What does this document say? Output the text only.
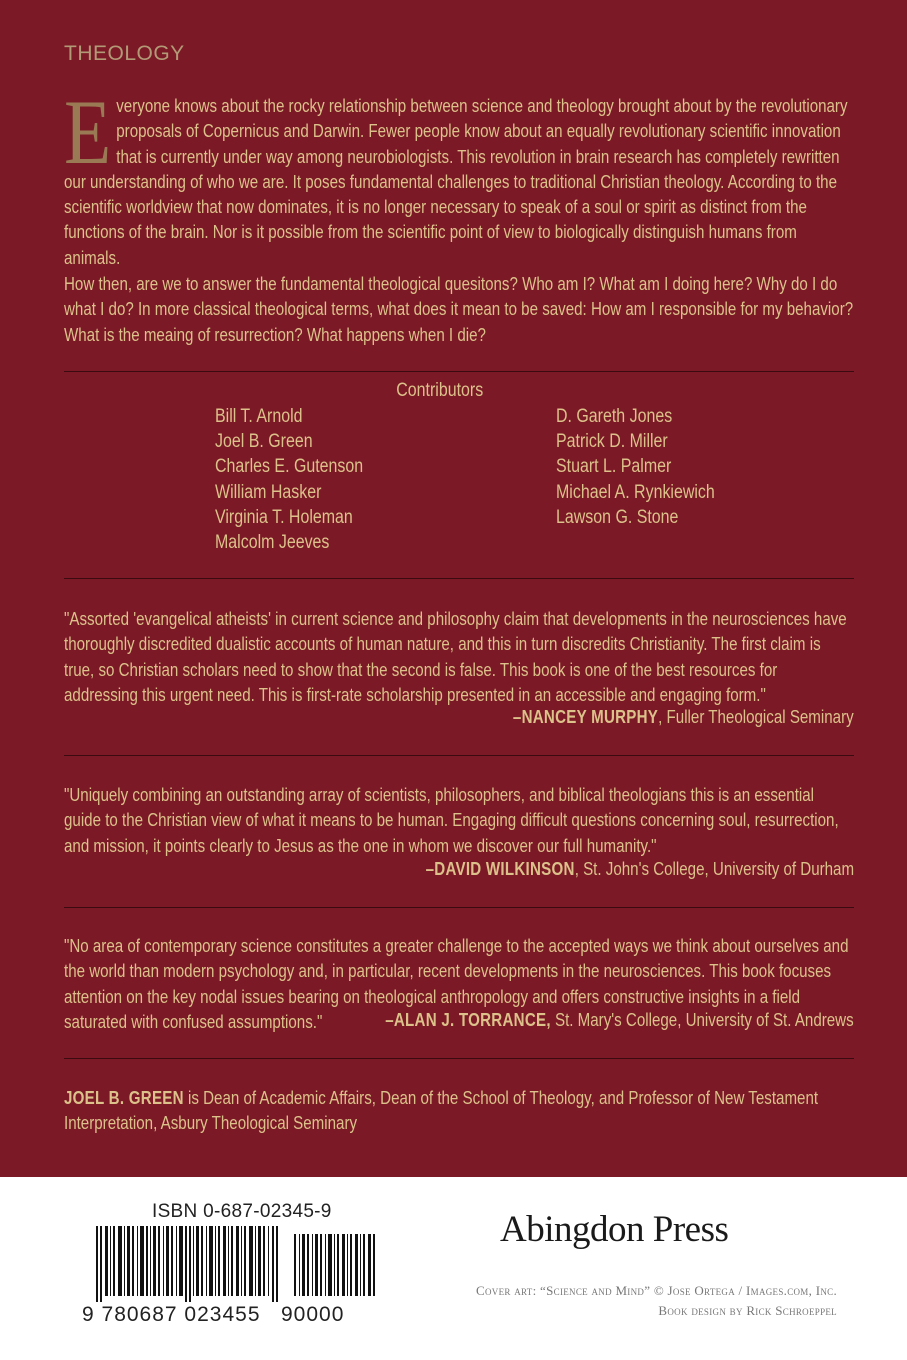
THEOLOGY
Everyone knows about the rocky relationship between science and theology brought about by the revolutionary proposals of Copernicus and Darwin. Fewer people know about an equally revolutionary scientific innovation that is currently under way among neurobiologists. This revolution in brain research has completely rewritten our understanding of who we are. It poses fundamental challenges to traditional Christian theology. According to the scientific worldview that now dominates, it is no longer necessary to speak of a soul or spirit as distinct from the functions of the brain. Nor is it possible from the scientific point of view to biologically distinguish humans from animals.
How then, are we to answer the fundamental theological quesitons? Who am I? What am I doing here? Why do I do what I do? In more classical theological terms, what does it mean to be saved: How am I responsible for my behavior? What is the meaing of resurrection? What happens when I die?
Contributors
Bill T. Arnold
Joel B. Green
Charles E. Gutenson
William Hasker
Virginia T. Holeman
Malcolm Jeeves
D. Gareth Jones
Patrick D. Miller
Stuart L. Palmer
Michael A. Rynkiewich
Lawson G. Stone
"Assorted 'evangelical atheists' in current science and philosophy claim that developments in the neurosciences have thoroughly discredited dualistic accounts of human nature, and this in turn discredits Christianity. The first claim is true, so Christian scholars need to show that the second is false. This book is one of the best resources for addressing this urgent need. This is first-rate scholarship presented in an accessible and engaging form."
–NANCEY MURPHY, Fuller Theological Seminary
"Uniquely combining an outstanding array of scientists, philosophers, and biblical theologians this is an essential guide to the Christian view of what it means to be human. Engaging difficult questions concerning soul, resurrection, and mission, it points clearly to Jesus as the one in whom we discover our full humanity."
–DAVID WILKINSON, St. John's College, University of Durham
"No area of contemporary science constitutes a greater challenge to the accepted ways we think about ourselves and the world than modern psychology and, in particular, recent developments in the neurosciences. This book focuses attention on the key nodal issues bearing on theological anthropology and offers constructive insights in a field saturated with confused assumptions."	–ALAN J. TORRANCE, St. Mary's College, University of St. Andrews
JOEL B. GREEN is Dean of Academic Affairs, Dean of the School of Theology, and Professor of New Testament Interpretation, Asbury Theological Seminary
ISBN 0-687-02345-9
9 780687 023455   90000
Abingdon Press
Cover art: “Science and Mind” © Jose Ortega / Images.com, Inc.
Book design by Rick Schroeppel
